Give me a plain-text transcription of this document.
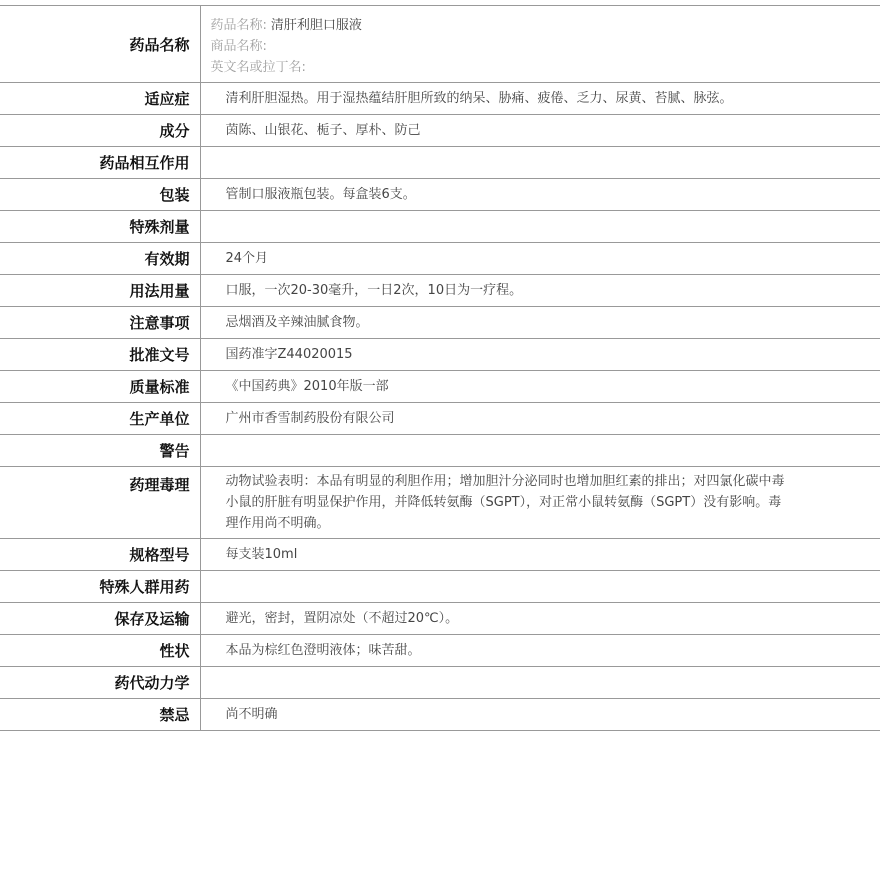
药品名称	药品名称: 清肝利胆口服液
商品名称:
英文名或拉丁名:

适应症	清利肝胆湿热。用于湿热蕴结肝胆所致的纳呆、胁痛、疲倦、乏力、尿黄、苔腻、脉弦。
成分	茵陈、山银花、栀子、厚朴、防己
药品相互作用	
包装	管制口服液瓶包装。每盒装6支。
特殊剂量	
有效期	24个月
用法用量	口服，一次20-30毫升，一日2次，10日为一疗程。
注意事项	忌烟酒及辛辣油腻食物。
批准文号	国药准字Z44020015
质量标准	《中国药典》2010年版一部
生产单位	广州市香雪制药股份有限公司
警告	
药理毒理	动物试验表明：本品有明显的利胆作用；增加胆汁分泌同时也增加胆红素的排出；对四氯化碳中毒小鼠的肝脏有明显保护作用，并降低转氨酶（SGPT），对正常小鼠转氨酶（SGPT）没有影响。毒理作用尚不明确。
规格型号	每支装10ml
特殊人群用药	
保存及运输	避光，密封，置阴凉处（不超过20℃）。
性状	本品为棕红色澄明液体；味苦甜。
药代动力学	
禁忌	尚不明确
